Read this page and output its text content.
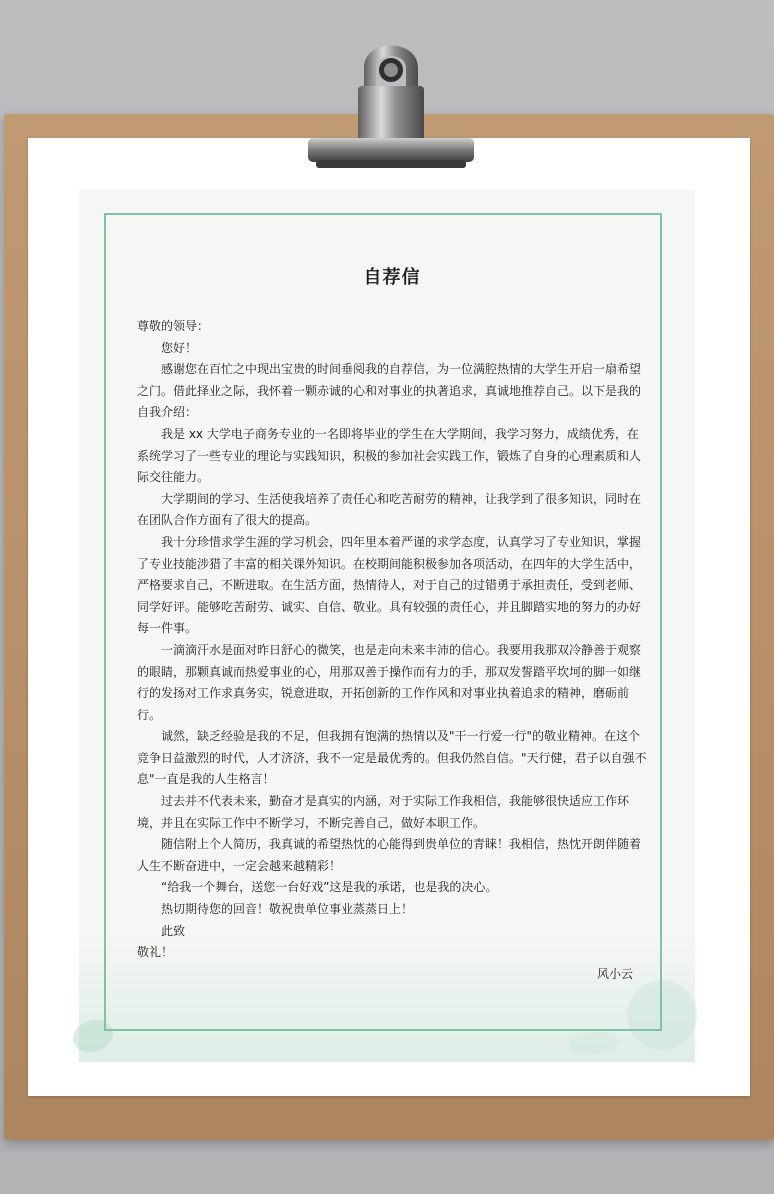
自荐信

尊敬的领导：

您好！

感谢您在百忙之中现出宝贵的时间垂阅我的自荐信，为一位满腔热情的大学生开启一扇希望之门。借此择业之际，我怀着一颗赤诚的心和对事业的执著追求，真诚地推荐自己。以下是我的自我介绍：

我是 xx 大学电子商务专业的一名即将毕业的学生在大学期间，我学习努力，成绩优秀，在系统学习了一些专业的理论与实践知识，积极的参加社会实践工作，锻炼了自身的心理素质和人际交往能力。

大学期间的学习、生活使我培养了责任心和吃苦耐劳的精神，让我学到了很多知识，同时在在团队合作方面有了很大的提高。

我十分珍惜求学生涯的学习机会，四年里本着严谨的求学态度，认真学习了专业知识，掌握了专业技能涉猎了丰富的相关课外知识。在校期间能积极参加各项活动，在四年的大学生活中，严格要求自己，不断进取。在生活方面，热情待人，对于自己的过错勇于承担责任，受到老师、同学好评。能够吃苦耐劳、诚实、自信、敬业。具有较强的责任心，并且脚踏实地的努力的办好每一件事。

一滴滴汗水是面对昨日舒心的微笑，也是走向未来丰沛的信心。我要用我那双冷静善于观察的眼睛，那颗真诚而热爱事业的心，用那双善于操作而有力的手，那双发誓踏平坎坷的脚一如继行的发扬对工作求真务实，锐意进取，开拓创新的工作作风和对事业执着追求的精神，磨砺前行。

诚然，缺乏经验是我的不足，但我拥有饱满的热情以及"干一行爱一行"的敬业精神。在这个竞争日益激烈的时代，人才济济，我不一定是最优秀的。但我仍然自信。"天行健，君子以自强不息"一直是我的人生格言！

过去并不代表未来，勤奋才是真实的内涵，对于实际工作我相信，我能够很快适应工作环境，并且在实际工作中不断学习，不断完善自己，做好本职工作。

随信附上个人简历，我真诚的希望热忱的心能得到贵单位的青睐！我相信，热忱开朗伴随着人生不断奋进中，一定会越来越精彩！

“给我一个舞台，送您一台好戏”这是我的承诺，也是我的决心。

热切期待您的回音！敬祝贵单位事业蒸蒸日上！

此致

敬礼！

风小云
